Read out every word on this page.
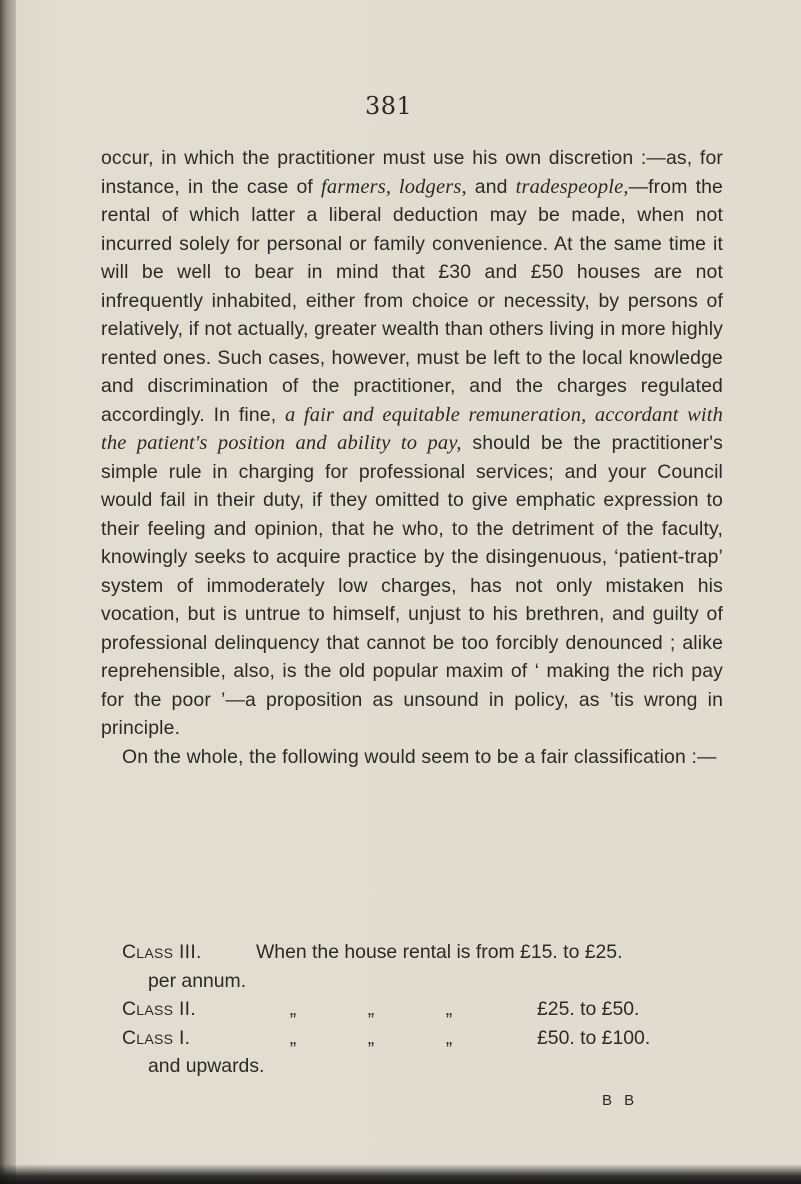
381

occur, in which the practitioner must use his own discretion :—as, for instance, in the case of farmers, lodgers, and tradespeople,—from the rental of which latter a liberal deduction may be made, when not incurred solely for personal or family convenience. At the same time it will be well to bear in mind that £30 and £50 houses are not infrequently inhabited, either from choice or necessity, by persons of relatively, if not actually, greater wealth than others living in more highly rented ones. Such cases, however, must be left to the local knowledge and discrimination of the practitioner, and the charges regulated accordingly. In fine, a fair and equitable remuneration, accordant with the patient's position and ability to pay, should be the practitioner's simple rule in charging for professional services; and your Council would fail in their duty, if they omitted to give emphatic expression to their feeling and opinion, that he who, to the detriment of the faculty, knowingly seeks to acquire practice by the disingenuous, ‘patient-trap’ system of immoderately low charges, has not only mistaken his vocation, but is untrue to himself, unjust to his brethren, and guilty of professional delinquency that cannot be too forcibly denounced ; alike reprehensible, also, is the old popular maxim of ‘ making the rich pay for the poor ’—a proposition as unsound in policy, as ’tis wrong in principle.

On the whole, the following would seem to be a fair classification :—

Class III.	When the house rental is from £15. to £25.
per annum.
Class II.	„	„	„	£25. to £50.
Class I.	„	„	„	£50. to £100.
and upwards.
B B
